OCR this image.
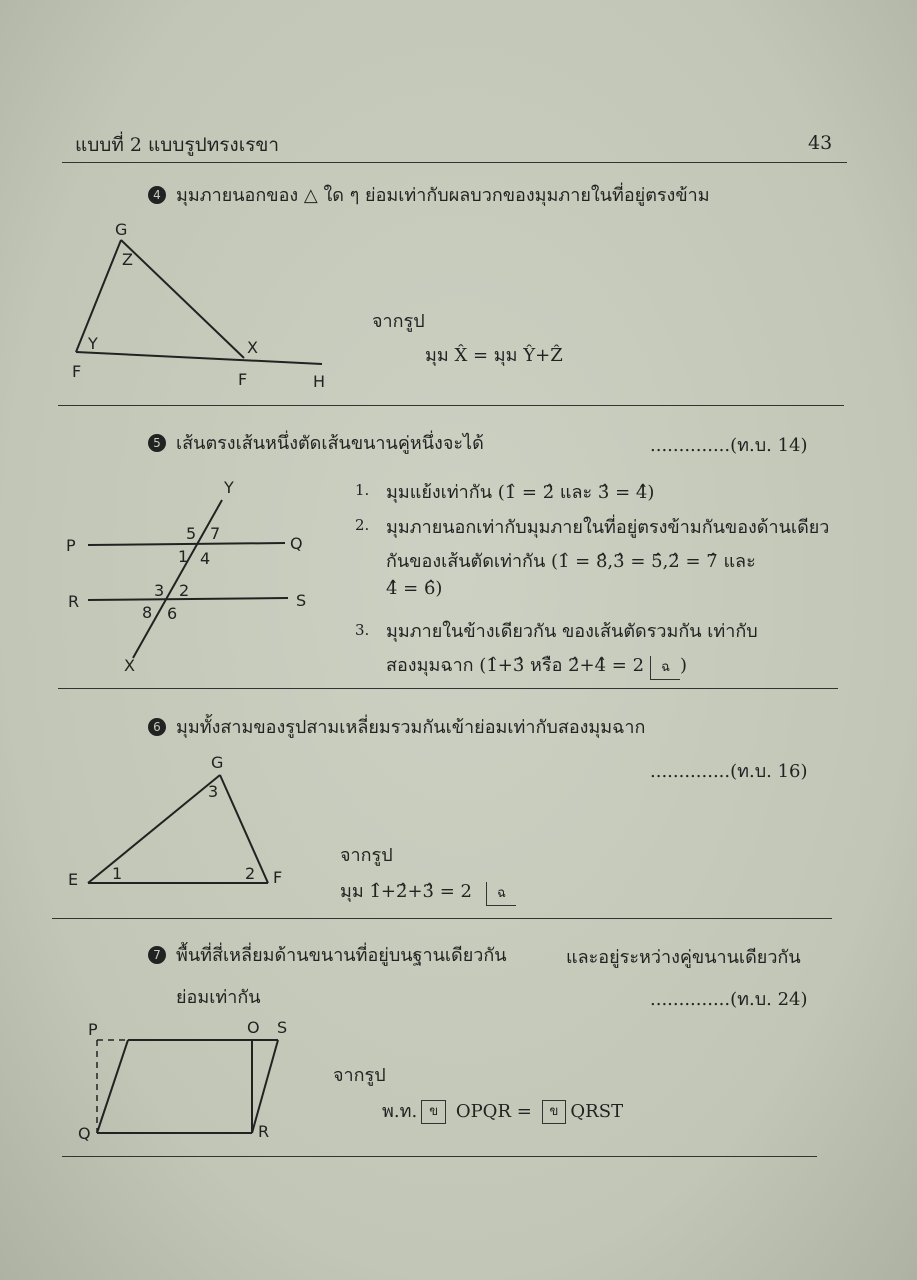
แบบที่ 2 แบบรูปทรงเรขา	43
4 มุมภายนอกของ △ ใด ๆ ย่อมเท่ากับผลบวกของมุมภายในที่อยู่ตรงข้าม
G
Z
Y	X
F	F	H
จากรูป
มุม X̂ = มุม Ŷ+Ẑ
5 เส้นตรงเส้นหนึ่งตัดเส้นขนานคู่หนึ่งจะได้	..............(ท.บ. 14)
Y
P	Q
R	S
X
5 7
1 4
3 2
8 6
1. มุมแย้งเท่ากัน (1̂ = 2̂ และ 3̂ = 4̂)
2. มุมภายนอกเท่ากับมุมภายในที่อยู่ตรงข้ามกันของด้านเดียว
กันของเส้นตัดเท่ากัน (1̂ = 8̂,3̂ = 5̂,2̂ = 7̂ และ
4̂ = 6̂)
3. มุมภายในข้างเดียวกัน ของเส้นตัดรวมกัน เท่ากับ
สองมุมฉาก (1̂+3̂ หรือ 2̂+4̂ = 2 ฉ )
6 มุมทั้งสามของรูปสามเหลี่ยมรวมกันเข้าย่อมเท่ากับสองมุมฉาก
..............(ท.บ. 16)
G
3
E 1	2 F
จากรูป
มุม 1̂+2̂+3̂ = 2 ฉ
7 พื้นที่สี่เหลี่ยมด้านขนานที่อยู่บนฐานเดียวกัน	และอยู่ระหว่างคู่ขนานเดียวกัน
ย่อมเท่ากัน	..............(ท.บ. 24)
P	O S
Q	R
จากรูป
พ.ท. ข OPQR = ข QRST
